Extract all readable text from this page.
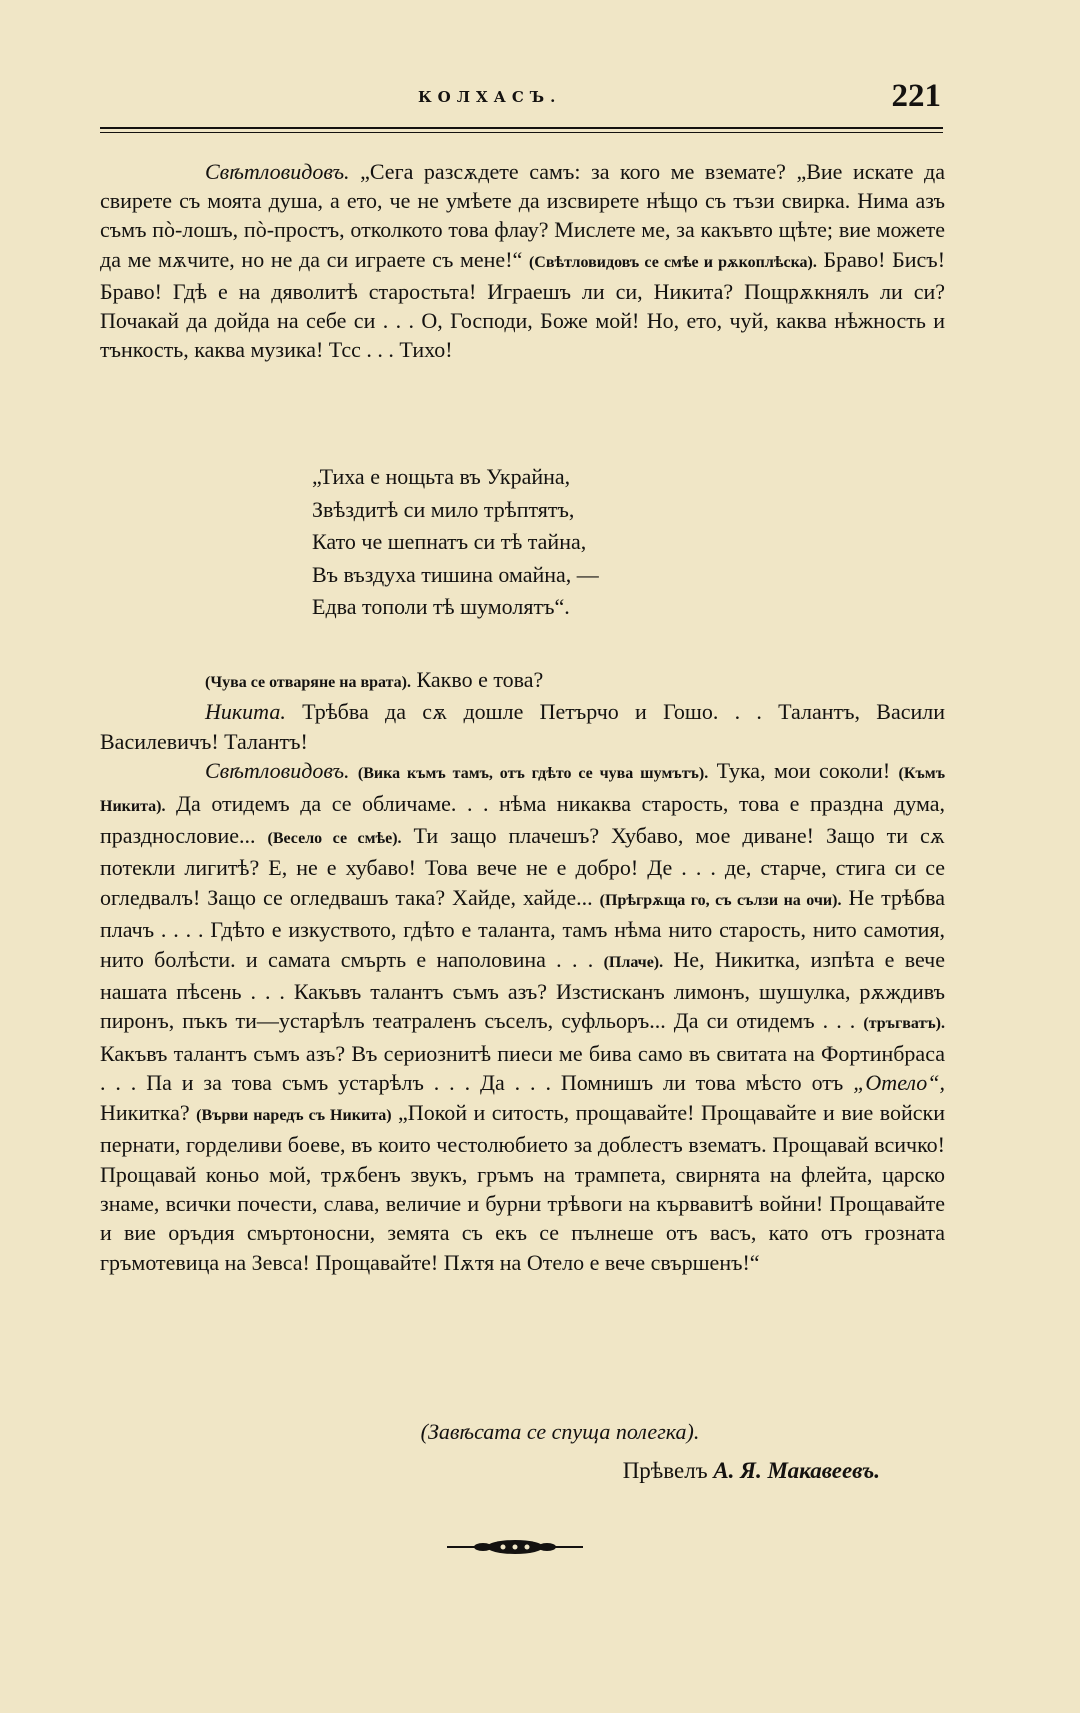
КОЛХАСЪ.	221

Свѣтловидовъ. „Сега разсѫдете самъ: за кого ме вземате? „Вие искате да свирете съ моята душа, а ето, че не умѣете да изсвирете нѣщо съ тъзи свирка. Нима азъ съмъ пò-лошъ, пò-простъ, отколкото това флау? Мислете ме, за какъвто щѣте; вие можете да ме мѫчите, но не да си играете съ мене!“ (Свѣтловидовъ се смѣе и рѫкоплѣска). Браво! Бисъ! Браво! Гдѣ е на дяволитѣ старостьта! Играешъ ли си, Никита? Пощрѫкнялъ ли си? Почакай да дойда на себе си . . . О, Господи, Боже мой! Но, ето, чуй, каква нѣжность и тънкость, каква музика! Тсс . . . Тихо!

„Тиха е нощьта въ Украйна,
Звѣздитѣ си мило трѣптятъ,
Като че шепнатъ си тѣ тайна,
Въ въздуха тишина омайна, —
Едва тополи тѣ шумолятъ“.

(Чува се отваряне на врата). Какво е това?

Никита. Трѣбва да сѫ дошле Петърчо и Гошо. . . Талантъ, Васили Василевичъ! Талантъ!

Свѣтловидовъ. (Вика къмъ тамъ, отъ гдѣто се чува шумътъ). Тука, мои соколи! (Къмъ Никита). Да отидемъ да се обличаме. . . нѣма никаква старость, това е праздна дума, празднословие... (Весело се смѣе). Ти защо плачешъ? Хубаво, мое диване! Защо ти сѫ потекли лигитѣ? Е, не е хубаво! Това вече не е добро! Де . . . де, старче, стига си се огледвалъ! Защо се огледвашъ така? Хайде, хайде... (Прѣгрѫща го, съ сълзи на очи). Не трѣбва плачъ . . . . Гдѣто е изкуството, гдѣто е таланта, тамъ нѣма нито старость, нито самотия, нито болѣсти. и самата смърть е наполовина . . . (Плаче). Не, Никитка, изпѣта е вече нашата пѣсень . . . Какъвъ талантъ съмъ азъ? Изстисканъ лимонъ, шушулка, рѫждивъ пиронъ, пъкъ ти—устарѣлъ театраленъ съселъ, суфльоръ... Да си отидемъ . . . (тръгватъ). Какъвъ талантъ съмъ азъ? Въ сериознитѣ пиеси ме бива само въ свитата на Фортинбраса . . . Па и за това съмъ устарѣлъ . . . Да . . . Помнишъ ли това мѣсто отъ „Отело“, Никитка? (Върви наредъ съ Никита) „Покой и ситость, прощавайте! Прощавайте и вие войски пернати, горделиви боеве, въ които честолюбието за доблестъ взематъ. Прощавай всичко! Прощавай коньо мой, трѫбенъ звукъ, гръмъ на трампета, свирнята на флейта, царско знаме, всички почести, слава, величие и бурни трѣвоги на кървавитѣ войни! Прощавайте и вие оръдия смъртоносни, земята съ екъ се пълнеше отъ васъ, като отъ грозната гръмотевица на Зевса! Прощавайте! Пѫтя на Отело е вече свършенъ!“

(Завѣсата се спуща полегка).
Прѣвелъ А. Я. Макавеевъ.
